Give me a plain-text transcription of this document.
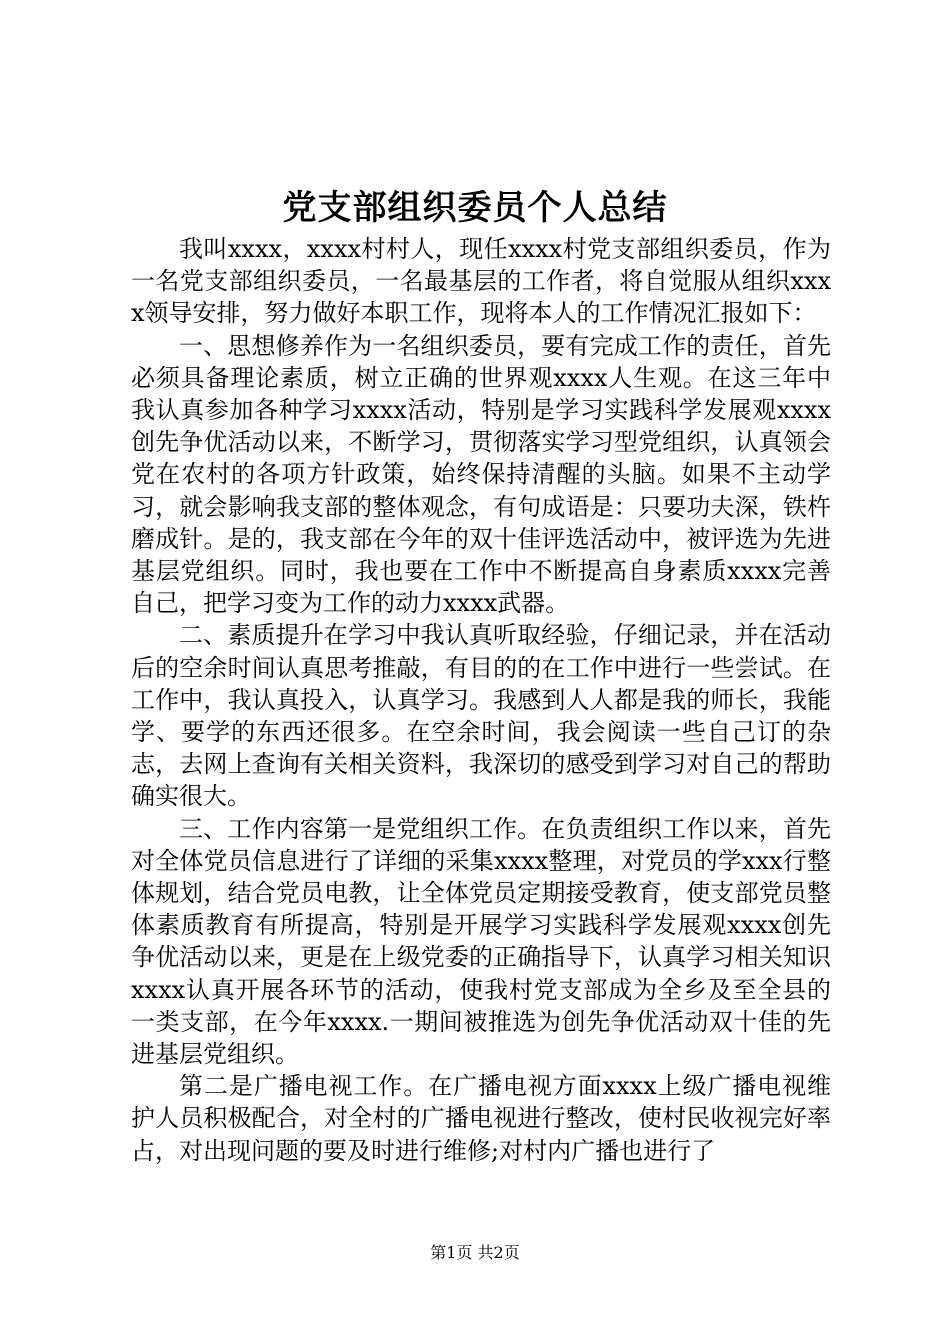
党支部组织委员个人总结

我叫xxxx，xxxx村村人，现任xxxx村党支部组织委员，作为一名党支部组织委员，一名最基层的工作者，将自觉服从组织xxxx领导安排，努力做好本职工作，现将本人的工作情况汇报如下：

一、思想修养作为一名组织委员，要有完成工作的责任，首先必须具备理论素质，树立正确的世界观xxxx人生观。在这三年中我认真参加各种学习xxxx活动，特别是学习实践科学发展观xxxx创先争优活动以来，不断学习，贯彻落实学习型党组织，认真领会党在农村的各项方针政策，始终保持清醒的头脑。如果不主动学习，就会影响我支部的整体观念，有句成语是：只要功夫深，铁杵磨成针。是的，我支部在今年的双十佳评选活动中，被评选为先进基层党组织。同时，我也要在工作中不断提高自身素质xxxx完善自己，把学习变为工作的动力xxxx武器。

二、素质提升在学习中我认真听取经验，仔细记录，并在活动后的空余时间认真思考推敲，有目的的在工作中进行一些尝试。在工作中，我认真投入，认真学习。我感到人人都是我的师长，我能学、要学的东西还很多。在空余时间，我会阅读一些自己订的杂志，去网上查询有关相关资料，我深切的感受到学习对自己的帮助确实很大。

三、工作内容第一是党组织工作。在负责组织工作以来，首先对全体党员信息进行了详细的采集xxxx整理，对党员的学xxx行整体规划，结合党员电教，让全体党员定期接受教育，使支部党员整体素质教育有所提高，特别是开展学习实践科学发展观xxxx创先争优活动以来，更是在上级党委的正确指导下，认真学习相关知识xxxx认真开展各环节的活动，使我村党支部成为全乡及至全县的一类支部，在今年xxxx.一期间被推选为创先争优活动双十佳的先进基层党组织。

第二是广播电视工作。在广播电视方面xxxx上级广播电视维护人员积极配合，对全村的广播电视进行整改，使村民收视完好率占，对出现问题的要及时进行维修;对村内广播也进行了

第1页 共2页
